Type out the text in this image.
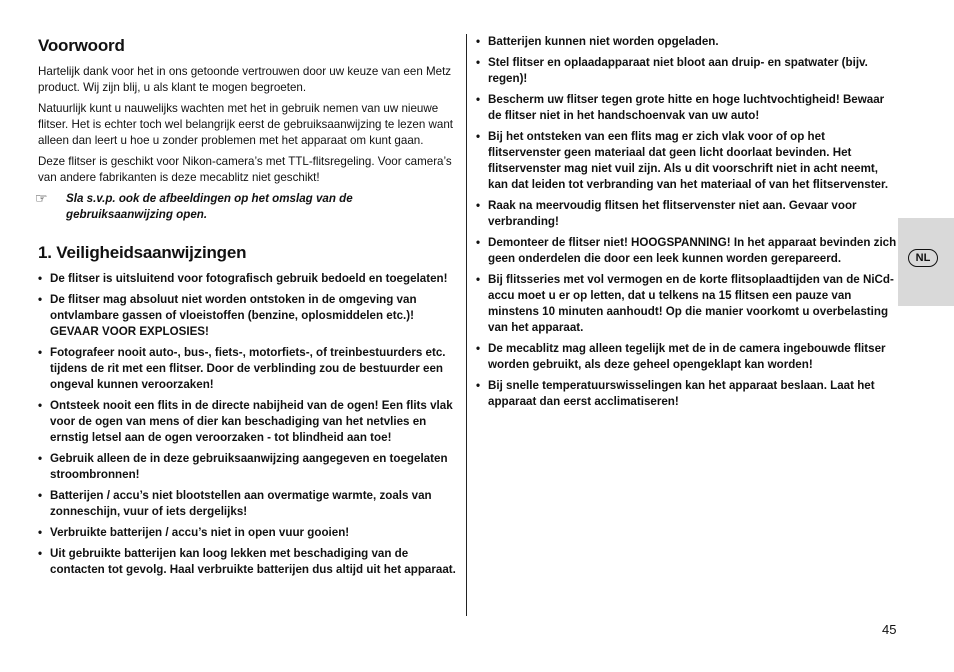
Voorwoord

Hartelijk dank voor het in ons getoonde vertrouwen door uw keuze van een Metz product. Wij zijn blij, u als klant te mogen begroeten.

Natuurlijk kunt u nauwelijks wachten met het in gebruik nemen van uw nieuwe flitser. Het is echter toch wel belangrijk eerst de gebruiksaanwijzing te lezen want alleen dan leert u hoe u zonder problemen met het apparaat om kunt gaan.

Deze flitser is geschikt voor Nikon-camera’s met TTL-flitsregeling. Voor camera’s van andere fabrikanten is deze mecablitz niet geschikt!

☞ Sla s.v.p. ook de afbeeldingen op het omslag van de gebruiksaanwijzing open.

1. Veiligheidsaanwijzingen
• De flitser is uitsluitend voor fotografisch gebruik bedoeld en toegelaten!
• De flitser mag absoluut niet worden ontstoken in de omgeving van ontvlambare gassen of vloeistoffen (benzine, oplosmiddelen etc.)! GEVAAR VOOR EXPLOSIES!
• Fotografeer nooit auto-, bus-, fiets-, motorfiets-, of treinbestuurders etc. tijdens de rit met een flitser. Door de verblinding zou de bestuurder een ongeval kunnen veroorzaken!
• Ontsteek nooit een flits in de directe nabijheid van de ogen! Een flits vlak voor de ogen van mens of dier kan beschadiging van het netvlies en ernstig letsel aan de ogen veroorzaken - tot blindheid aan toe!
• Gebruik alleen de in deze gebruiksaanwijzing aangegeven en toegelaten stroombronnen!
• Batterijen / accu’s niet blootstellen aan overmatige warmte, zoals van zonneschijn, vuur of iets dergelijks!
• Verbruikte batterijen / accu’s niet in open vuur gooien!
• Uit gebruikte batterijen kan loog lekken met beschadiging van de contacten tot gevolg. Haal verbruikte batterijen dus altijd uit het apparaat.
• Batterijen kunnen niet worden opgeladen.
• Stel flitser en oplaadapparaat niet bloot aan druip- en spatwater (bijv. regen)!
• Bescherm uw flitser tegen grote hitte en hoge luchtvochtigheid! Bewaar de flitser niet in het handschoenvak van uw auto!
• Bij het ontsteken van een flits mag er zich vlak voor of op het flitservenster geen materiaal dat geen licht doorlaat bevinden. Het flitservenster mag niet vuil zijn. Als u dit voorschrift niet in acht neemt, kan dat leiden tot verbranding van het materiaal of van het flitservenster.
• Raak na meervoudig flitsen het flitservenster niet aan. Gevaar voor verbranding!
• Demonteer de flitser niet! HOOGSPANNING! In het apparaat bevinden zich geen onderdelen die door een leek kunnen worden gerepareerd.
• Bij flitsseries met vol vermogen en de korte flitsoplaadtijden van de NiCd-accu moet u er op letten, dat u telkens na 15 flitsen een pauze van minstens 10 minuten aanhoudt! Op die manier voorkomt u overbelasting van het apparaat.
• De mecablitz mag alleen tegelijk met de in de camera ingebouwde flitser worden gebruikt, als deze geheel opengeklapt kan worden!
• Bij snelle temperatuurswisselingen kan het apparaat beslaan. Laat het apparaat dan eerst acclimatiseren!
NL
45
